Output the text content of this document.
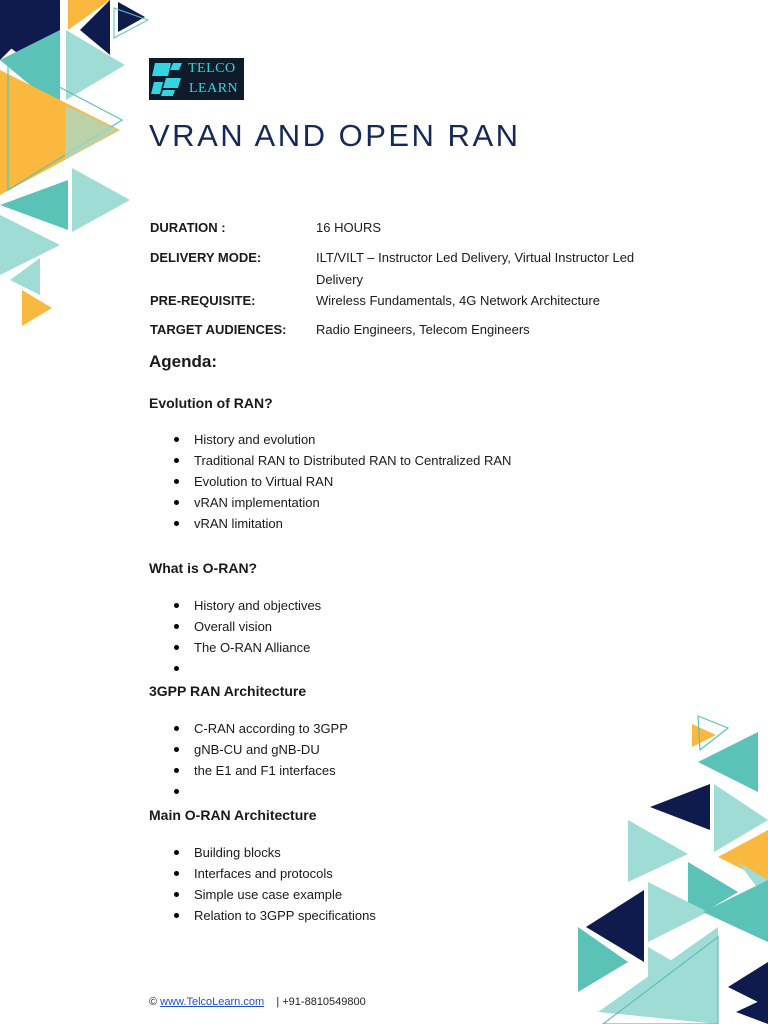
TELCO
LEARN
VRAN AND OPEN RAN
DURATION :	16 HOURS
DELIVERY MODE:	ILT/VILT – Instructor Led Delivery, Virtual Instructor Led Delivery
PRE-REQUISITE:	Wireless Fundamentals, 4G Network Architecture
TARGET AUDIENCES: Radio Engineers, Telecom Engineers
Agenda:
Evolution of RAN?
History and evolution
Traditional RAN to Distributed RAN to Centralized RAN
Evolution to Virtual RAN
vRAN implementation
vRAN limitation
What is O-RAN?
History and objectives
Overall vision
The O-RAN Alliance
3GPP RAN Architecture
C-RAN according to 3GPP
gNB-CU and gNB-DU
the E1 and F1 interfaces
Main O-RAN Architecture
Building blocks
Interfaces and protocols
Simple use case example
Relation to 3GPP specifications
© www.TelcoLearn.com | +91-8810549800
